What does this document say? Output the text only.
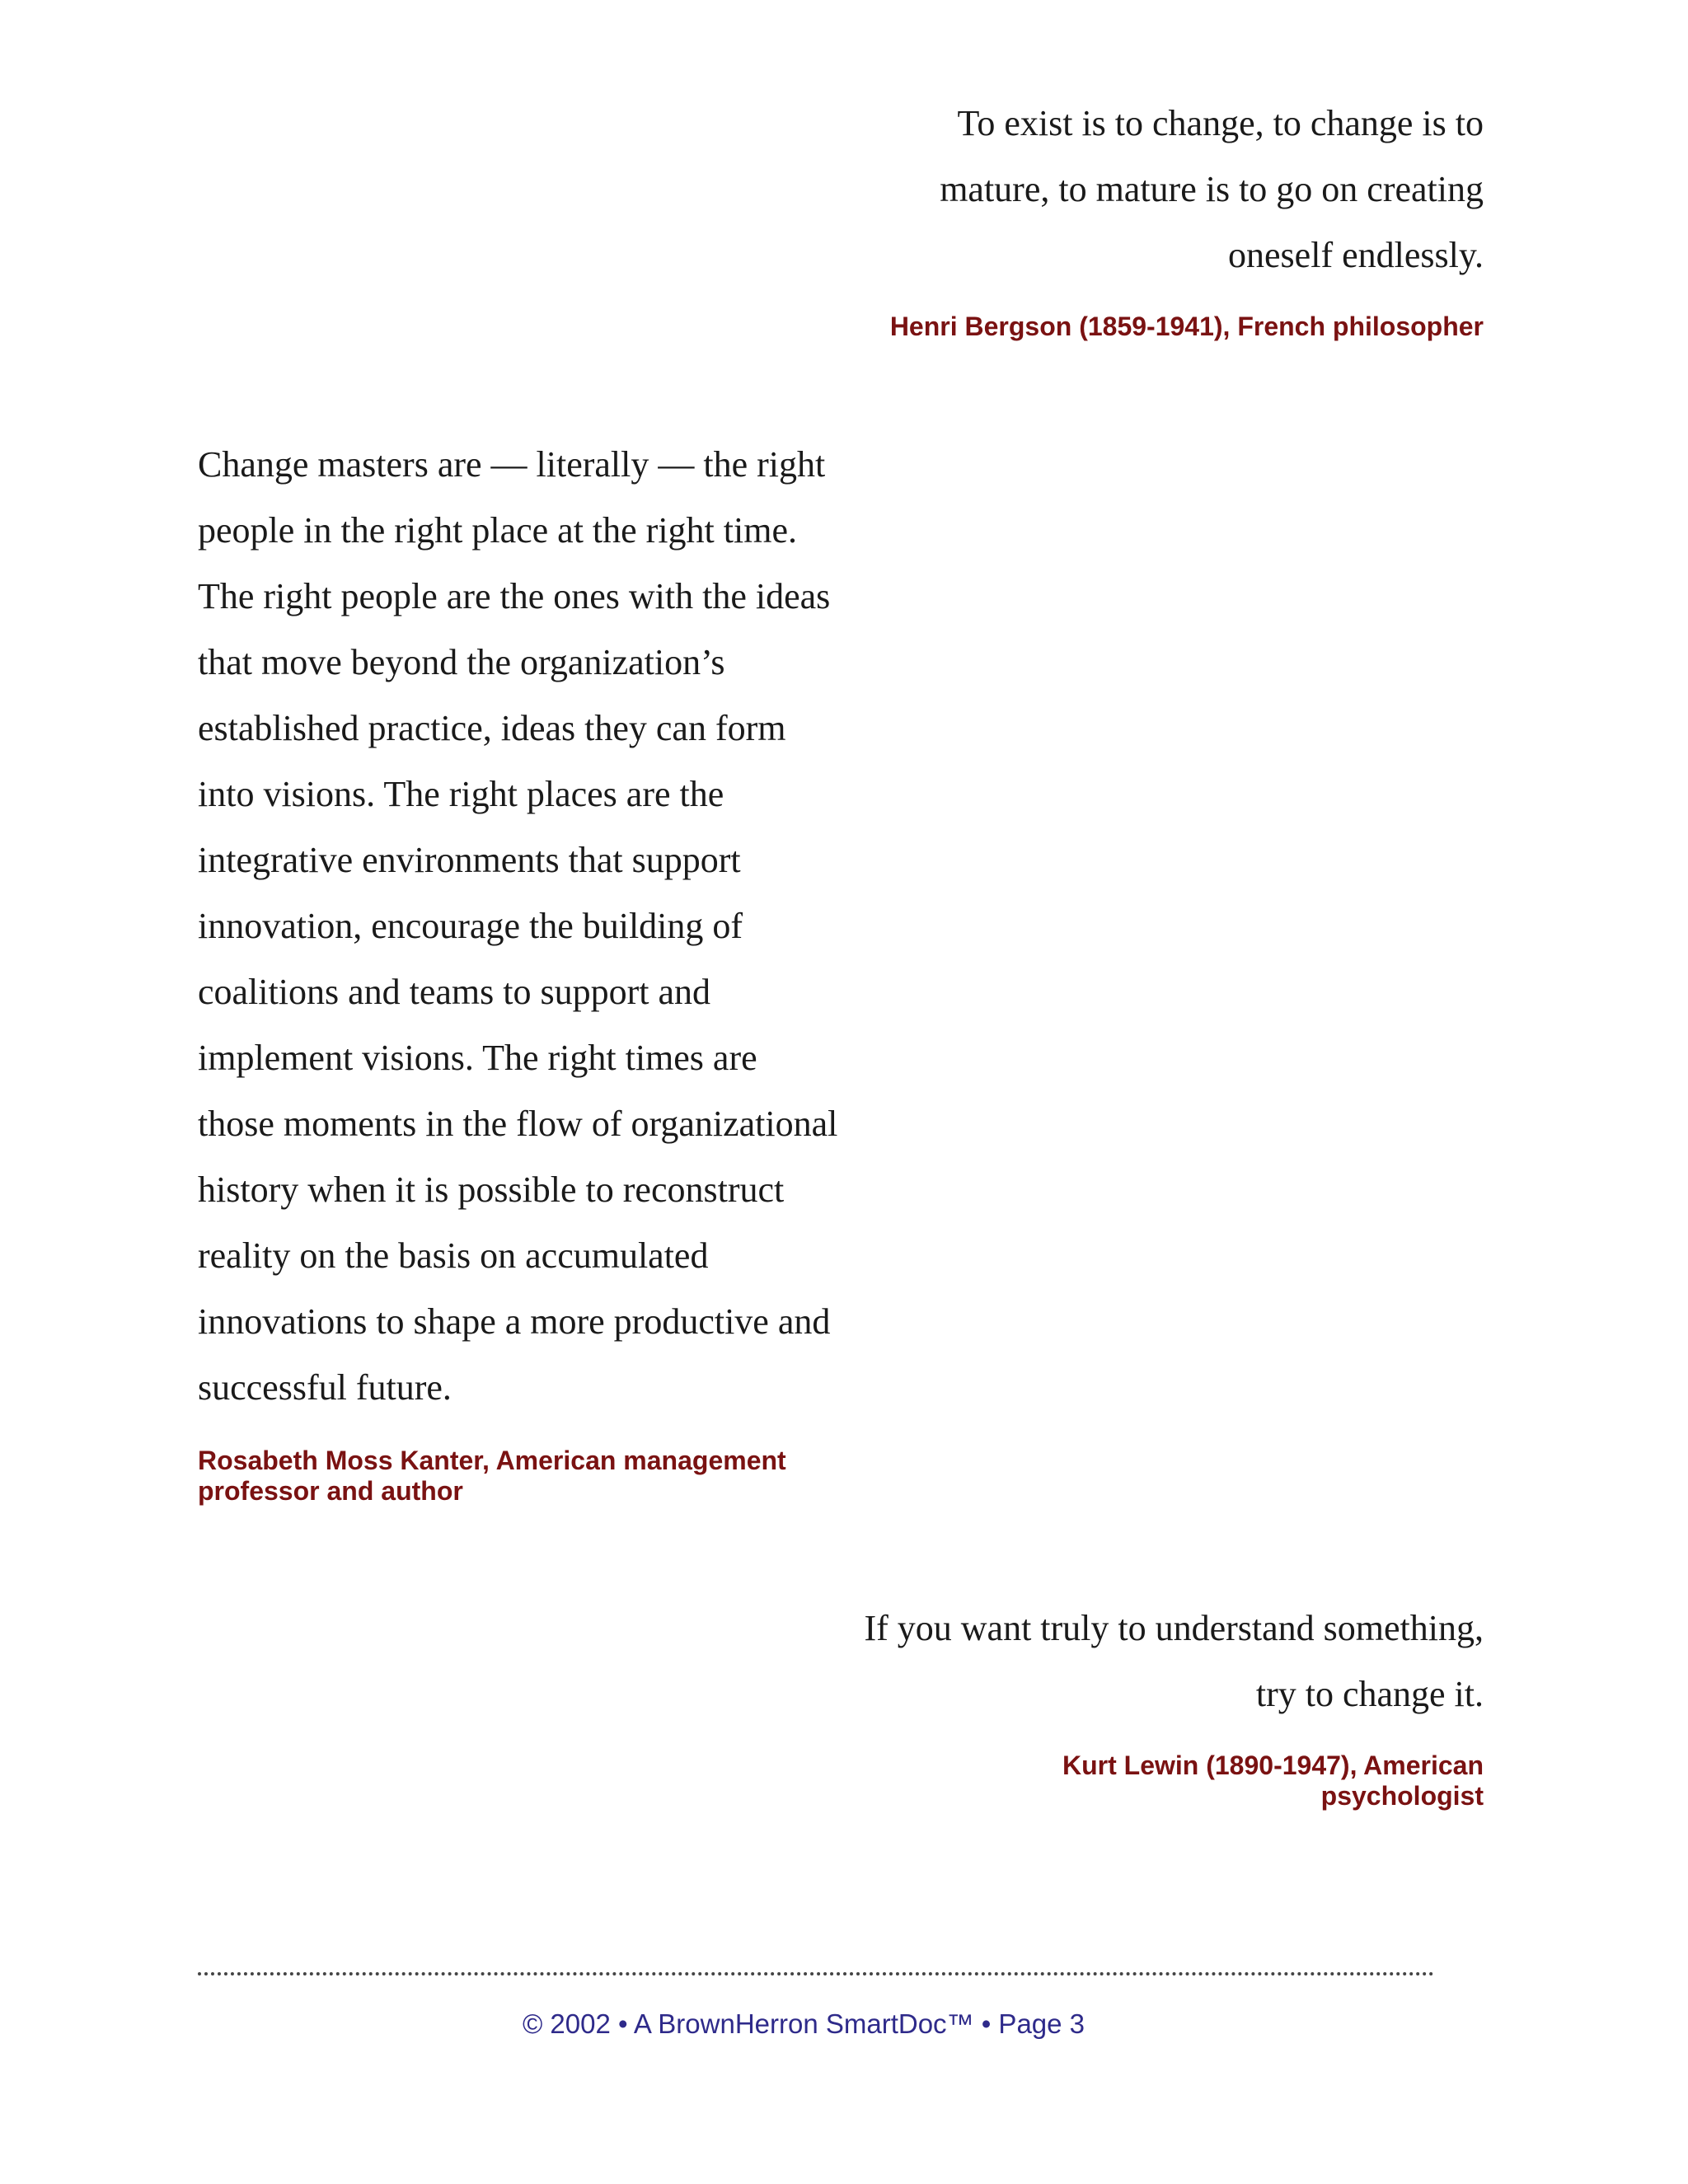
To exist is to change, to change is to
mature, to mature is to go on creating
oneself endlessly.

Henri Bergson (1859-1941), French philosopher

Change masters are — literally — the right
people in the right place at the right time.
The right people are the ones with the ideas
that move beyond the organization’s
established practice, ideas they can form
into visions. The right places are the
integrative environments that support
innovation, encourage the building of
coalitions and teams to support and
implement visions. The right times are
those moments in the flow of organizational
history when it is possible to reconstruct
reality on the basis on accumulated
innovations to shape a more productive and
successful future.

Rosabeth Moss Kanter, American management
professor and author

If you want truly to understand something,
try to change it.

Kurt Lewin (1890-1947), American
psychologist

© 2002 • A BrownHerron SmartDoc™ • Page 3
